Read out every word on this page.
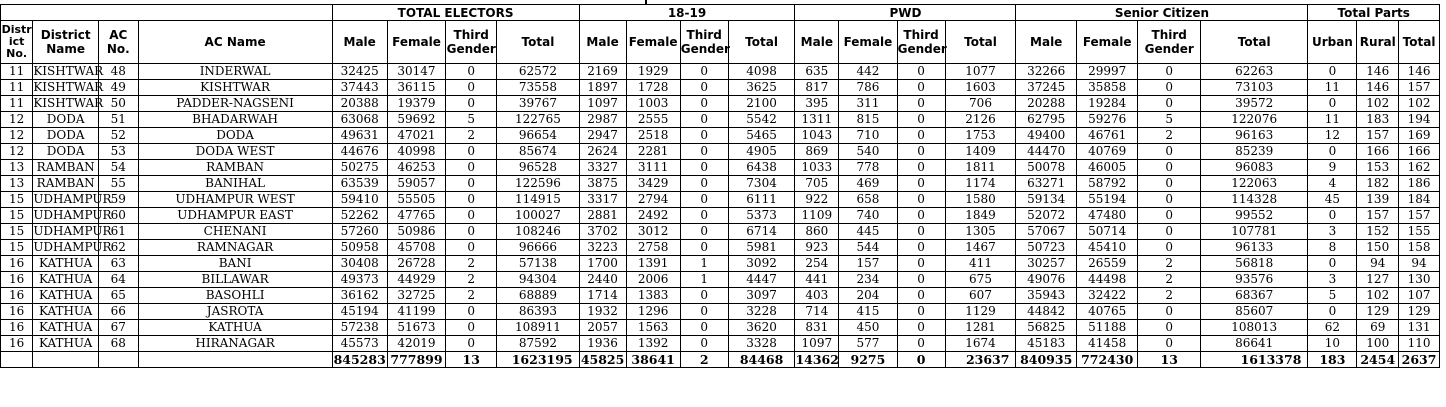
				TOTAL ELECTORS				18-19				PWD				Senior Citizen				Total Parts		
Distr ict No.	District Name	AC No.	AC Name	Male	Female	Third Gender	Total	Male	Female	Third Gender	Total	Male	Female	Third Gender	Total	Male	Female	Third Gender	Total	Urban	Rural	Total
11	KISHTWAR	48	INDERWAL	32425	30147	0	62572	2169	1929	0	4098	635	442	0	1077	32266	29997	0	62263	0	146	146
11	KISHTWAR	49	KISHTWAR	37443	36115	0	73558	1897	1728	0	3625	817	786	0	1603	37245	35858	0	73103	11	146	157
11	KISHTWAR	50	PADDER-NAGSENI	20388	19379	0	39767	1097	1003	0	2100	395	311	0	706	20288	19284	0	39572	0	102	102
12	DODA	51	BHADARWAH	63068	59692	5	122765	2987	2555	0	5542	1311	815	0	2126	62795	59276	5	122076	11	183	194
12	DODA	52	DODA	49631	47021	2	96654	2947	2518	0	5465	1043	710	0	1753	49400	46761	2	96163	12	157	169
12	DODA	53	DODA WEST	44676	40998	0	85674	2624	2281	0	4905	869	540	0	1409	44470	40769	0	85239	0	166	166
13	RAMBAN	54	RAMBAN	50275	46253	0	96528	3327	3111	0	6438	1033	778	0	1811	50078	46005	0	96083	9	153	162
13	RAMBAN	55	BANIHAL	63539	59057	0	122596	3875	3429	0	7304	705	469	0	1174	63271	58792	0	122063	4	182	186
15	UDHAMPUR	59	UDHAMPUR WEST	59410	55505	0	114915	3317	2794	0	6111	922	658	0	1580	59134	55194	0	114328	45	139	184
15	UDHAMPUR	60	UDHAMPUR EAST	52262	47765	0	100027	2881	2492	0	5373	1109	740	0	1849	52072	47480	0	99552	0	157	157
15	UDHAMPUR	61	CHENANI	57260	50986	0	108246	3702	3012	0	6714	860	445	0	1305	57067	50714	0	107781	3	152	155
15	UDHAMPUR	62	RAMNAGAR	50958	45708	0	96666	3223	2758	0	5981	923	544	0	1467	50723	45410	0	96133	8	150	158
16	KATHUA	63	BANI	30408	26728	2	57138	1700	1391	1	3092	254	157	0	411	30257	26559	2	56818	0	94	94
16	KATHUA	64	BILLAWAR	49373	44929	2	94304	2440	2006	1	4447	441	234	0	675	49076	44498	2	93576	3	127	130
16	KATHUA	65	BASOHLI	36162	32725	2	68889	1714	1383	0	3097	403	204	0	607	35943	32422	2	68367	5	102	107
16	KATHUA	66	JASROTA	45194	41199	0	86393	1932	1296	0	3228	714	415	0	1129	44842	40765	0	85607	0	129	129
16	KATHUA	67	KATHUA	57238	51673	0	108911	2057	1563	0	3620	831	450	0	1281	56825	51188	0	108013	62	69	131
16	KATHUA	68	HIRANAGAR	45573	42019	0	87592	1936	1392	0	3328	1097	577	0	1674	45183	41458	0	86641	10	100	110
				845283	777899	13	1623195	45825	38641	2	84468	14362	9275	0	23637	840935	772430	13	1613378	183	2454	2637
